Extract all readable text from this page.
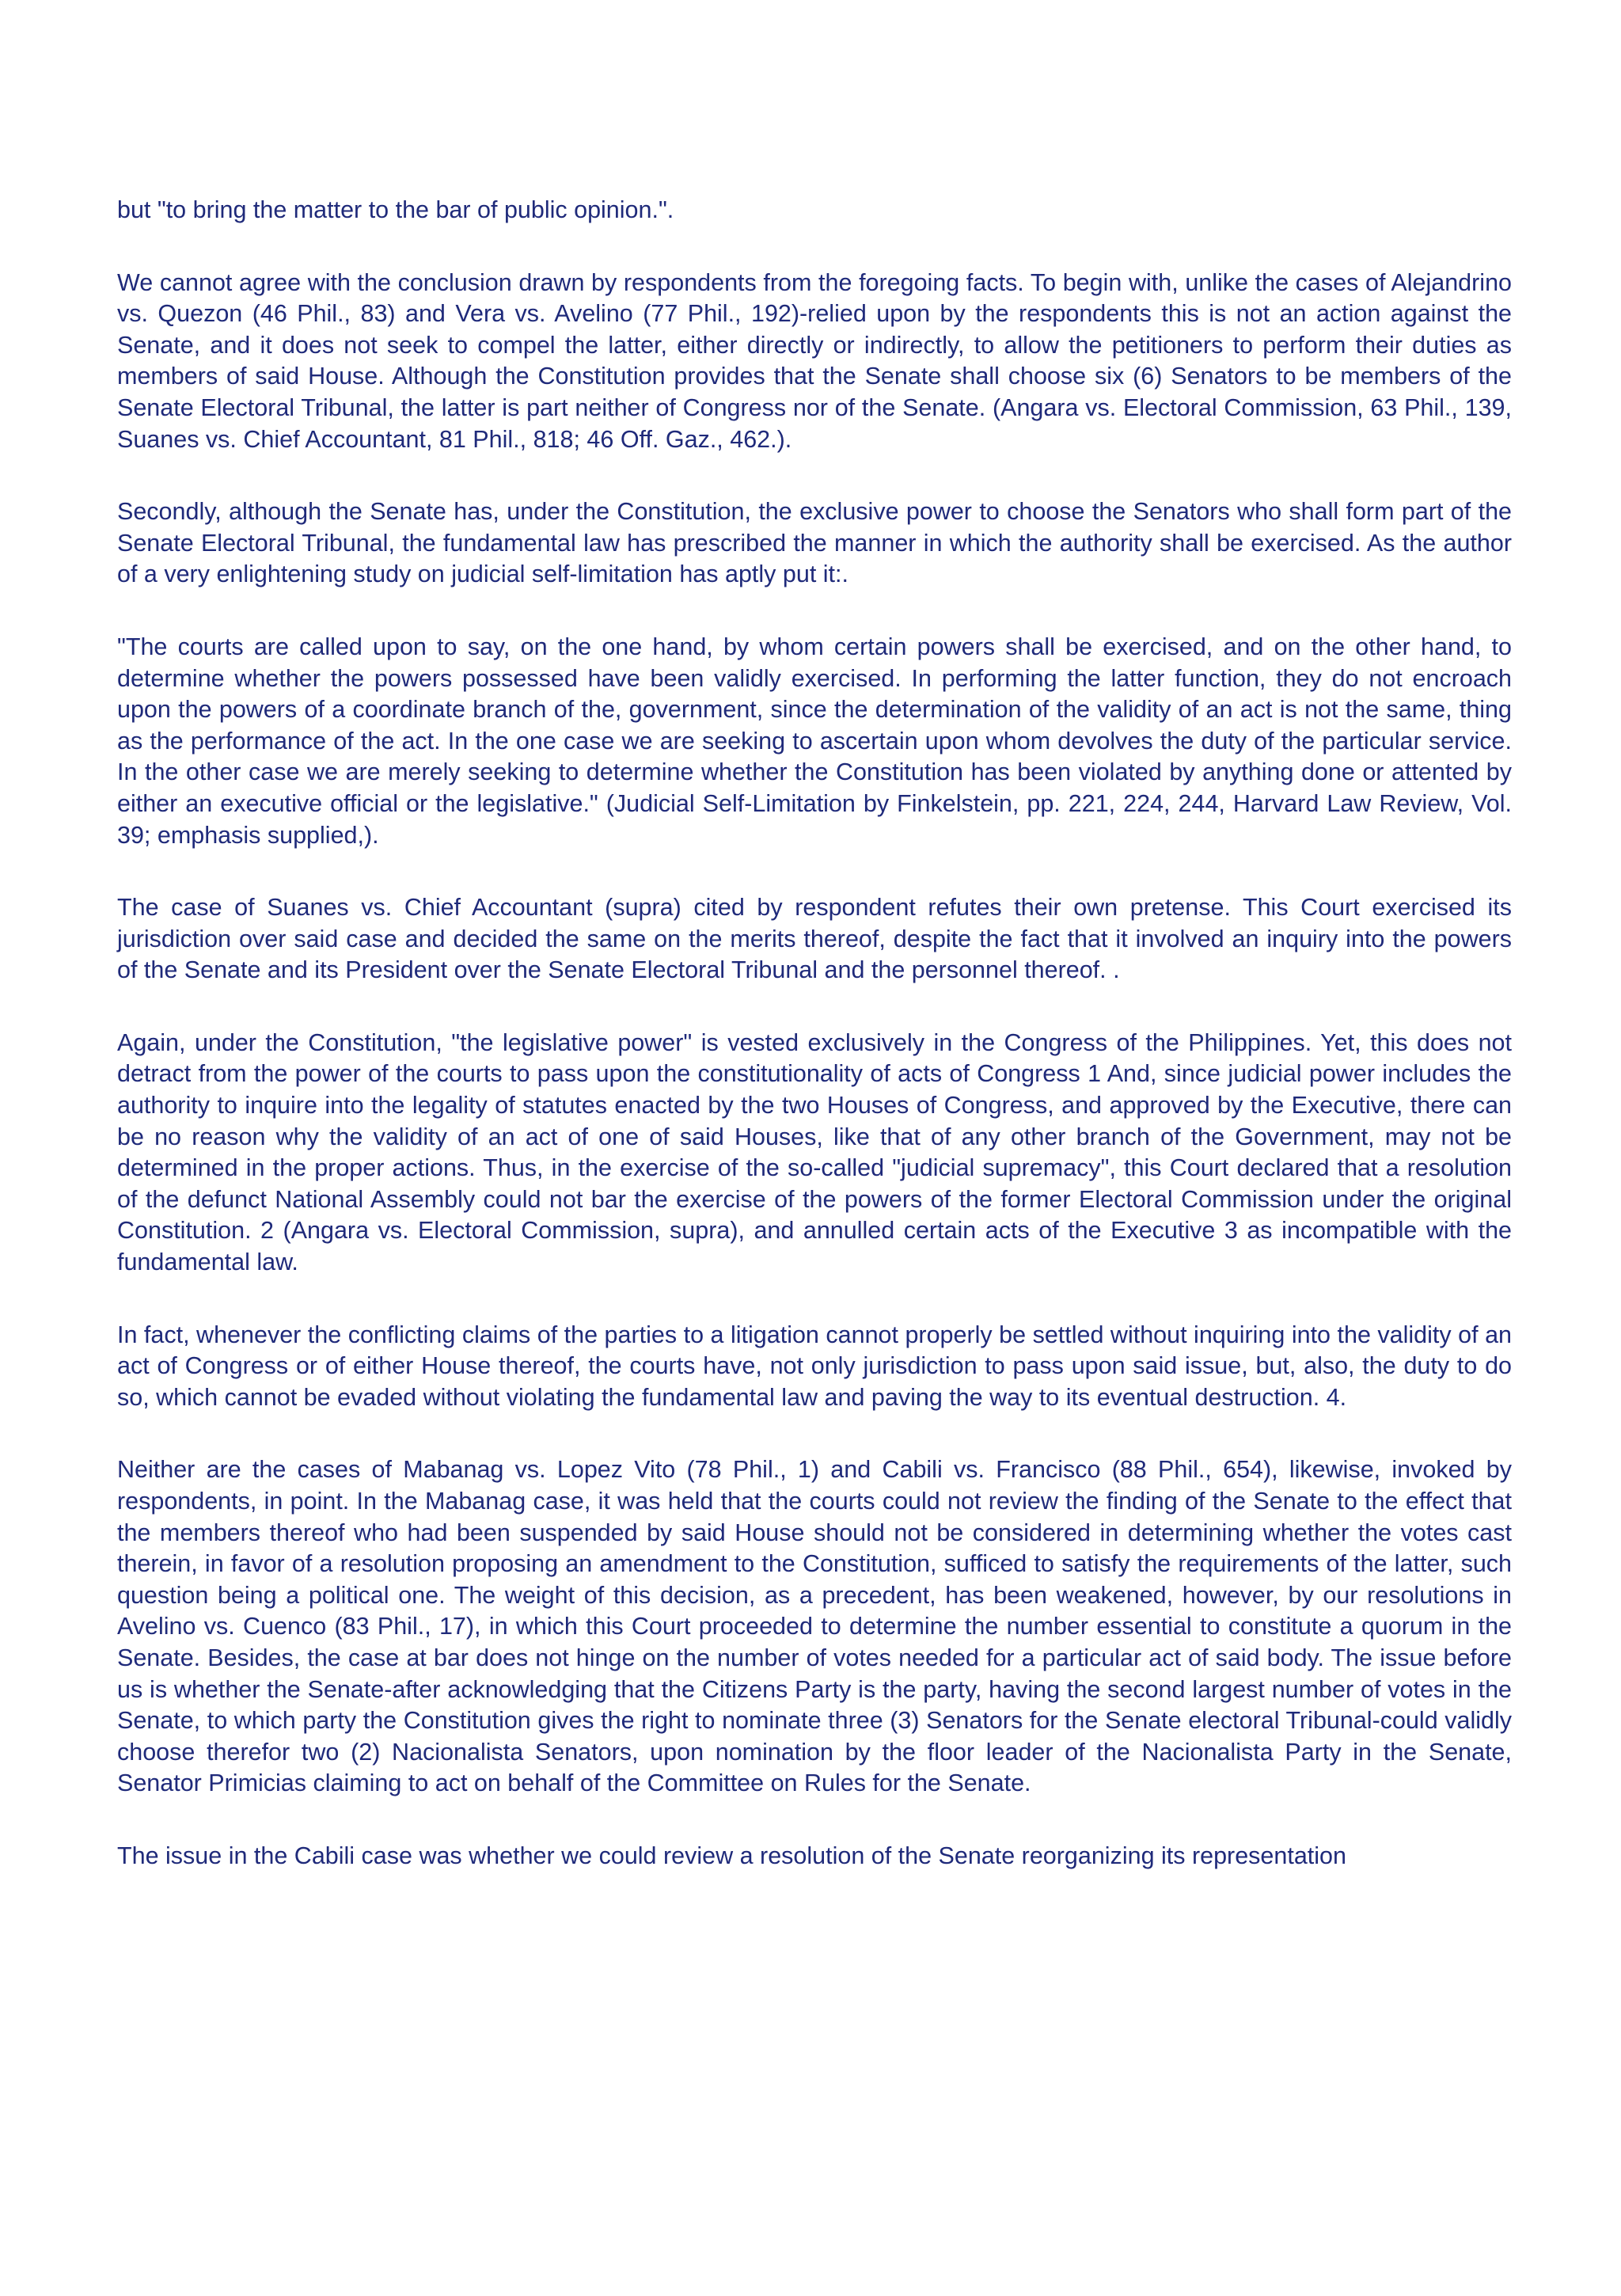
but "to bring the matter to the bar of public opinion.".

We cannot agree with the conclusion drawn by respondents from the foregoing facts. To begin with, unlike the cases of Alejandrino vs. Quezon (46 Phil., 83) and Vera vs. Avelino (77 Phil., 192)-relied upon by the respondents this is not an action against the Senate, and it does not seek to compel the latter, either directly or indirectly, to allow the petitioners to perform their duties as members of said House. Although the Constitution provides that the Senate shall choose six (6) Senators to be members of the Senate Electoral Tribunal, the latter is part neither of Congress nor of the Senate. (Angara vs. Electoral Commission, 63 Phil., 139, Suanes vs. Chief Accountant, 81 Phil., 818; 46 Off. Gaz., 462.).

Secondly, although the Senate has, under the Constitution, the exclusive power to choose the Senators who shall form part of the Senate Electoral Tribunal, the fundamental law has prescribed the manner in which the authority shall be exercised. As the author of a very enlightening study on judicial self-limitation has aptly put it:.

"The courts are called upon to say, on the one hand, by whom certain powers shall be exercised, and on the other hand, to determine whether the powers possessed have been validly exercised. In performing the latter function, they do not encroach upon the powers of a coordinate branch of the, government, since the determination of the validity of an act is not the same, thing as the performance of the act. In the one case we are seeking to ascertain upon whom devolves the duty of the particular service. In the other case we are merely seeking to determine whether the Constitution has been violated by anything done or attented by either an executive official or the legislative." (Judicial Self-Limitation by Finkelstein, pp. 221, 224, 244, Harvard Law Review, Vol. 39; emphasis supplied,).

The case of Suanes vs. Chief Accountant (supra) cited by respondent refutes their own pretense. This Court exercised its jurisdiction over said case and decided the same on the merits thereof, despite the fact that it involved an inquiry into the powers of the Senate and its President over the Senate Electoral Tribunal and the personnel thereof. .

Again, under the Constitution, "the legislative power" is vested exclusively in the Congress of the Philippines. Yet, this does not detract from the power of the courts to pass upon the constitutionality of acts of Congress 1 And, since judicial power includes the authority to inquire into the legality of statutes enacted by the two Houses of Congress, and approved by the Executive, there can be no reason why the validity of an act of one of said Houses, like that of any other branch of the Government, may not be determined in the proper actions. Thus, in the exercise of the so-called "judicial supremacy", this Court declared that a resolution of the defunct National Assembly could not bar the exercise of the powers of the former Electoral Commission under the original Constitution. 2 (Angara vs. Electoral Commission, supra), and annulled certain acts of the Executive 3 as incompatible with the fundamental law.

In fact, whenever the conflicting claims of the parties to a litigation cannot properly be settled without inquiring into the validity of an act of Congress or of either House thereof, the courts have, not only jurisdiction to pass upon said issue, but, also, the duty to do so, which cannot be evaded without violating the fundamental law and paving the way to its eventual destruction. 4.

Neither are the cases of Mabanag vs. Lopez Vito (78 Phil., 1) and Cabili vs. Francisco (88 Phil., 654), likewise, invoked by respondents, in point. In the Mabanag case, it was held that the courts could not review the finding of the Senate to the effect that the members thereof who had been suspended by said House should not be considered in determining whether the votes cast therein, in favor of a resolution proposing an amendment to the Constitution, sufficed to satisfy the requirements of the latter, such question being a political one. The weight of this decision, as a precedent, has been weakened, however, by our resolutions in Avelino vs. Cuenco (83 Phil., 17), in which this Court proceeded to determine the number essential to constitute a quorum in the Senate. Besides, the case at bar does not hinge on the number of votes needed for a particular act of said body. The issue before us is whether the Senate-after acknowledging that the Citizens Party is the party, having the second largest number of votes in the Senate, to which party the Constitution gives the right to nominate three (3) Senators for the Senate electoral Tribunal-could validly choose therefor two (2) Nacionalista Senators, upon nomination by the floor leader of the Nacionalista Party in the Senate, Senator Primicias claiming to act on behalf of the Committee on Rules for the Senate.

The issue in the Cabili case was whether we could review a resolution of the Senate reorganizing its representation
